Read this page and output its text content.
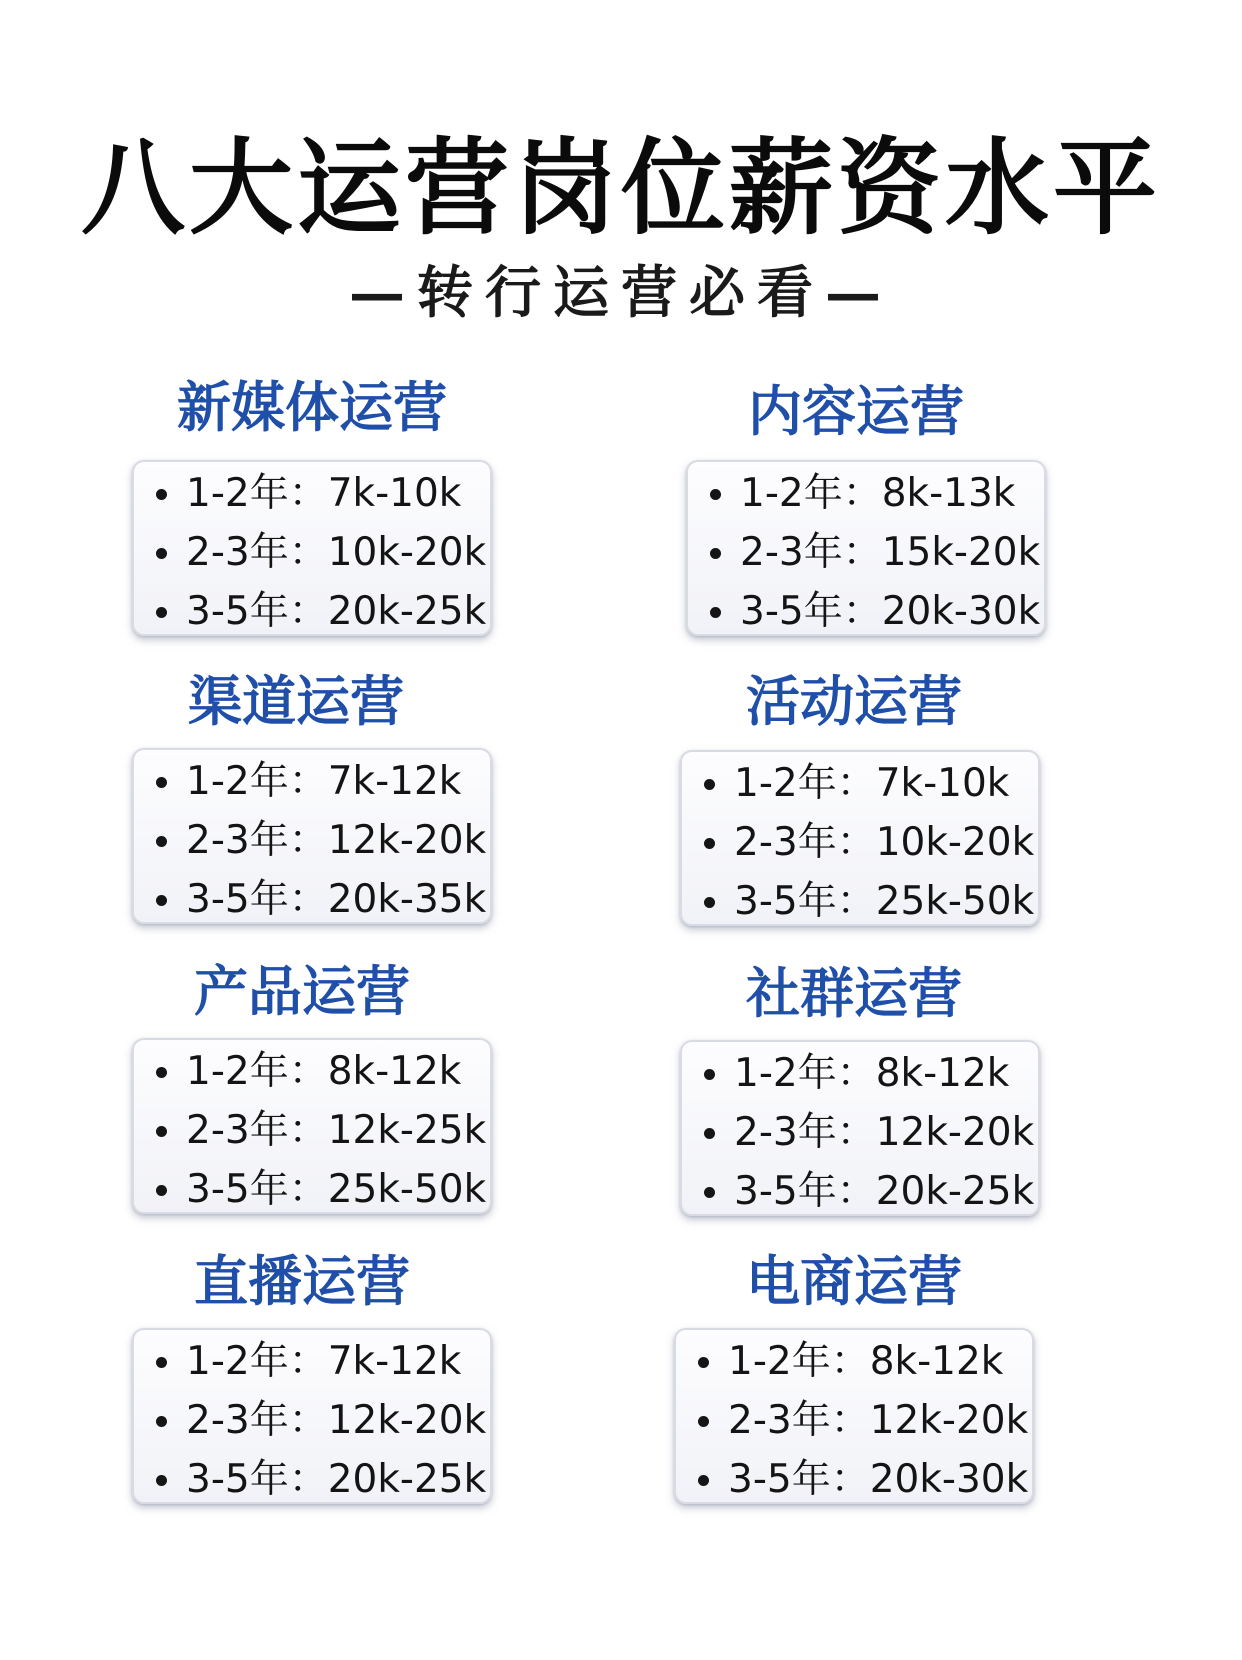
八大运营岗位薪资水平
—转行运营必看—
新媒体运营
1-2年：7k-10k
2-3年：10k-20k
3-5年：20k-25k
内容运营
1-2年：8k-13k
2-3年：15k-20k
3-5年：20k-30k
渠道运营
1-2年：7k-12k
2-3年：12k-20k
3-5年：20k-35k
活动运营
1-2年：7k-10k
2-3年：10k-20k
3-5年：25k-50k
产品运营
1-2年：8k-12k
2-3年：12k-25k
3-5年：25k-50k
社群运营
1-2年：8k-12k
2-3年：12k-20k
3-5年：20k-25k
直播运营
1-2年：7k-12k
2-3年：12k-20k
3-5年：20k-25k
电商运营
1-2年：8k-12k
2-3年：12k-20k
3-5年：20k-30k
